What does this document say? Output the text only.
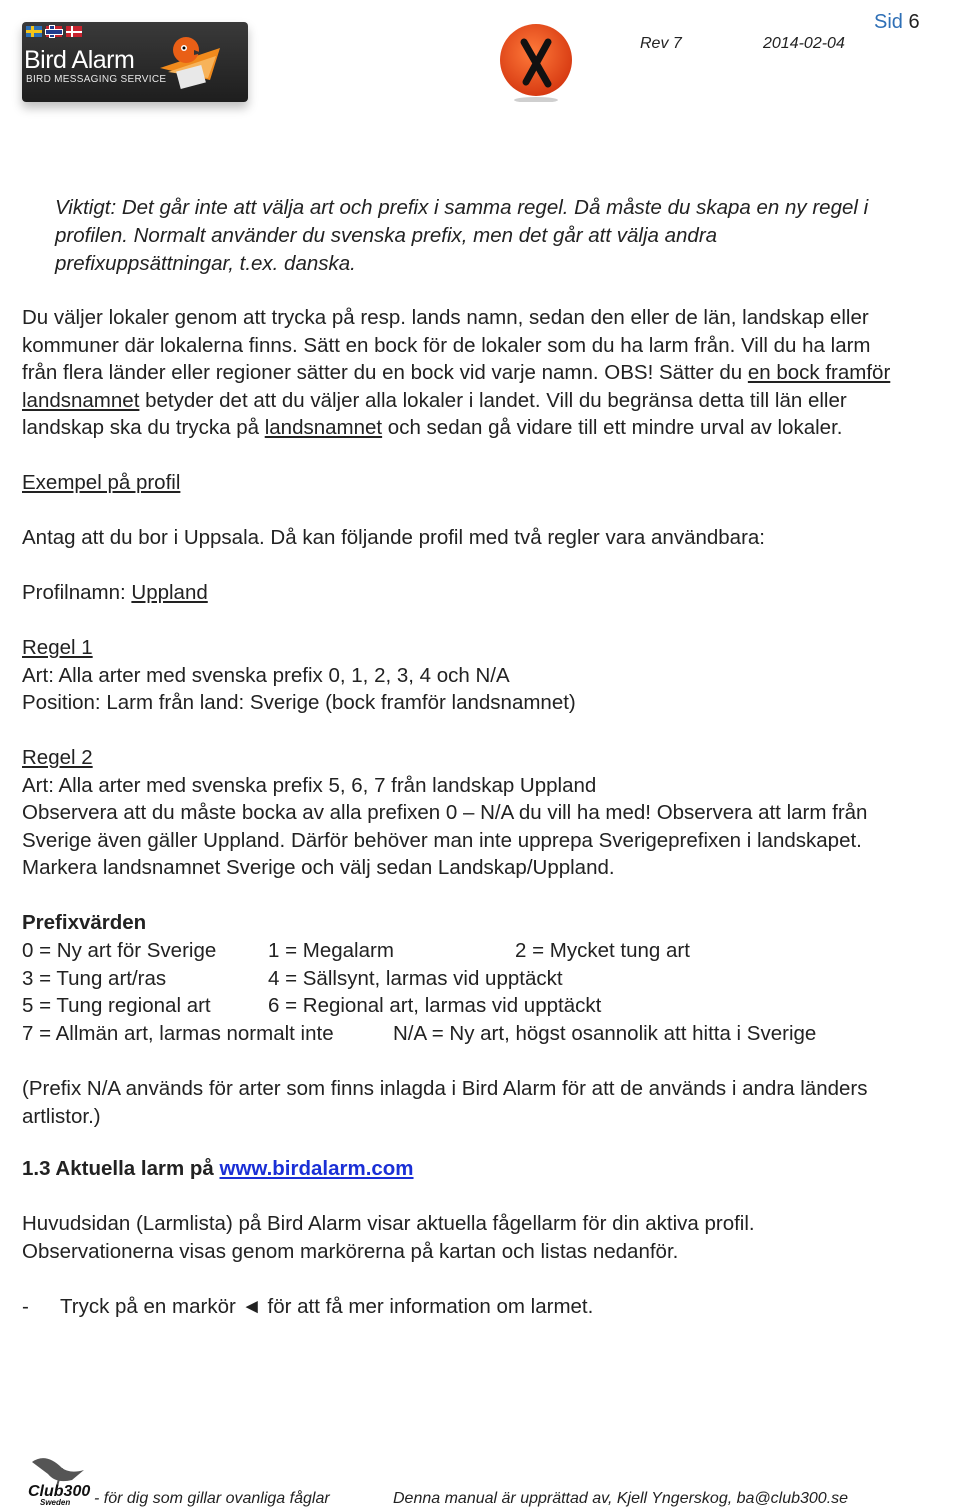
Bird Alarm
BIRD MESSAGING SERVICE
Rev 7	2014-02-04
Sid 6
Viktigt: Det går inte att välja art och prefix i samma regel. Då måste du skapa en ny regel i
profilen. Normalt använder du svenska prefix, men det går att välja andra
prefixuppsättningar, t.ex. danska.
Du väljer lokaler genom att trycka på resp. lands namn, sedan den eller de län, landskap eller
kommuner där lokalerna finns. Sätt en bock för de lokaler som du ha larm från. Vill du ha larm
från flera länder eller regioner sätter du en bock vid varje namn. OBS! Sätter du en bock framför
landsnamnet betyder det att du väljer alla lokaler i landet. Vill du begränsa detta till län eller
landskap ska du trycka på landsnamnet och sedan gå vidare till ett mindre urval av lokaler.
Exempel på profil
Antag att du bor i Uppsala. Då kan följande profil med två regler vara användbara:
Profilnamn: Uppland
Regel 1
Art: Alla arter med svenska prefix 0, 1, 2, 3, 4 och N/A
Position: Larm från land: Sverige (bock framför landsnamnet)
Regel 2
Art: Alla arter med svenska prefix 5, 6, 7 från landskap Uppland
Observera att du måste bocka av alla prefixen 0 – N/A du vill ha med! Observera att larm från
Sverige även gäller Uppland. Därför behöver man inte upprepa Sverigeprefixen i landskapet.
Markera landsnamnet Sverige och välj sedan Landskap/Uppland.
Prefixvärden
0 = Ny art för Sverige	1 = Megalarm	2 = Mycket tung art
3 = Tung art/ras	4 = Sällsynt, larmas vid upptäckt
5 = Tung regional art	6 = Regional art, larmas vid upptäckt
7 = Allmän art, larmas normalt inte	N/A = Ny art, högst osannolik att hitta i Sverige
(Prefix N/A används för arter som finns inlagda i Bird Alarm för att de används i andra länders
artlistor.)
1.3 Aktuella larm på www.birdalarm.com
Huvudsidan (Larmlista) på Bird Alarm visar aktuella fågellarm för din aktiva profil.
Observationerna visas genom markörerna på kartan och listas nedanför.
- Tryck på en markör ◄ för att få mer information om larmet.
Club300
Sweden - för dig som gillar ovanliga fåglar	Denna manual är upprättad av, Kjell Yngerskog, ba@club300.se
